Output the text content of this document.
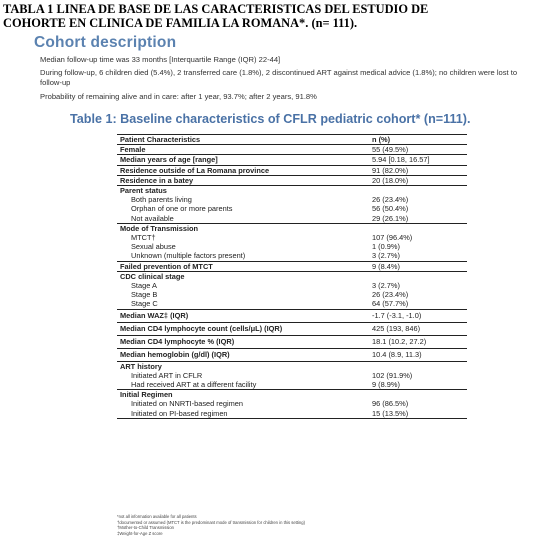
TABLA 1 LINEA DE BASE DE LAS CARACTERISTICAS DEL ESTUDIO DE
COHORTE EN CLINICA DE FAMILIA LA ROMANA*. (n= 111).
Cohort description
Median follow-up time was 33 months [Interquartile Range (IQR) 22-44]
During follow-up, 6 children died (5.4%), 2 transferred care (1.8%), 2 discontinued ART against medical advice (1.8%); no children were lost to follow-up
Probability of remaining alive and in care: after 1 year, 93.7%; after 2 years, 91.8%
Table 1: Baseline characteristics of CFLR pediatric cohort* (n=111).
Patient Characteristics	n (%)
Female	55 (49.5%)
Median years of age [range]	5.94 [0.18, 16.57]
Residence outside of La Romana province	91 (82.0%)
Residence in a batey	20 (18.0%)
Parent status	
Both parents living	26 (23.4%)
Orphan of one or more parents	56 (50.4%)
Not available	29 (26.1%)
Mode of Transmission	
MTCT†	107 (96.4%)
Sexual abuse	1 (0.9%)
Unknown (multiple factors present)	3 (2.7%)
Failed prevention of MTCT	9 (8.4%)
CDC clinical stage	
Stage A	3 (2.7%)
Stage B	26 (23.4%)
Stage C	64 (57.7%)
Median WAZ‡ (IQR)	-1.7 (-3.1, -1.0)
Median CD4 lymphocyte count (cells/μL) (IQR)	425 (193, 846)
Median CD4 lymphocyte % (IQR)	18.1 (10.2, 27.2)
Median hemoglobin (g/dl) (IQR)	10.4 (8.9, 11.3)
ART history	
Initiated ART in CFLR	102 (91.9%)
Had received ART at a different facility	9 (8.9%)
Initial Regimen	
Initiated on NNRTI-based regimen	96 (86.5%)
Initiated on PI-based regimen	15 (13.5%)
*not all information available for all patients
†documented or assumed (MTCT is the predominant mode of transmission for children in this setting)
†Mother-to-Child Transmission
‡Weight-for-Age Z score
